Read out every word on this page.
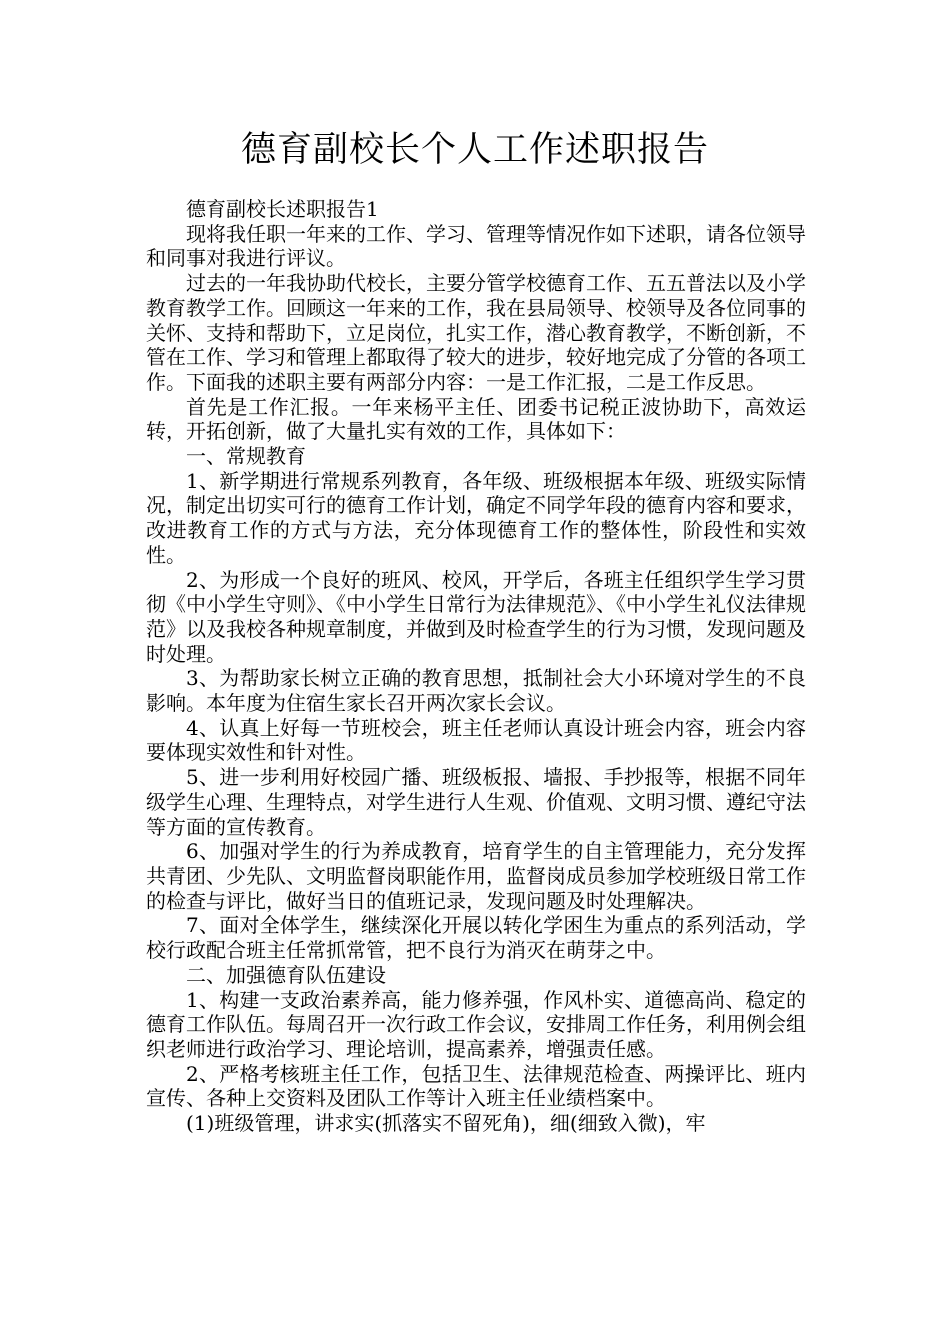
德育副校长个人工作述职报告

德育副校长述职报告1

现将我任职一年来的工作、学习、管理等情况作如下述职，请各位领导和同事对我进行评议。

过去的一年我协助代校长，主要分管学校德育工作、五五普法以及小学教育教学工作。回顾这一年来的工作，我在县局领导、校领导及各位同事的关怀、支持和帮助下，立足岗位，扎实工作，潜心教育教学，不断创新，不管在工作、学习和管理上都取得了较大的进步，较好地完成了分管的各项工作。下面我的述职主要有两部分内容：一是工作汇报，二是工作反思。

首先是工作汇报。一年来杨平主任、团委书记税正波协助下，高效运转，开拓创新，做了大量扎实有效的工作，具体如下：

一、常规教育

1、新学期进行常规系列教育，各年级、班级根据本年级、班级实际情况，制定出切实可行的德育工作计划，确定不同学年段的德育内容和要求，改进教育工作的方式与方法，充分体现德育工作的整体性，阶段性和实效性。

2、为形成一个良好的班风、校风，开学后，各班主任组织学生学习贯彻《中小学生守则》、《中小学生日常行为法律规范》、《中小学生礼仪法律规范》以及我校各种规章制度，并做到及时检查学生的行为习惯，发现问题及时处理。

3、为帮助家长树立正确的教育思想，抵制社会大小环境对学生的不良影响。本年度为住宿生家长召开两次家长会议。

4、认真上好每一节班校会，班主任老师认真设计班会内容，班会内容要体现实效性和针对性。

5、进一步利用好校园广播、班级板报、墙报、手抄报等，根据不同年级学生心理、生理特点，对学生进行人生观、价值观、文明习惯、遵纪守法等方面的宣传教育。

6、加强对学生的行为养成教育，培育学生的自主管理能力，充分发挥共青团、少先队、文明监督岗职能作用，监督岗成员参加学校班级日常工作的检查与评比，做好当日的值班记录，发现问题及时处理解决。

7、面对全体学生，继续深化开展以转化学困生为重点的系列活动，学校行政配合班主任常抓常管，把不良行为消灭在萌芽之中。

二、加强德育队伍建设

1、构建一支政治素养高，能力修养强，作风朴实、道德高尚、稳定的德育工作队伍。每周召开一次行政工作会议，安排周工作任务，利用例会组织老师进行政治学习、理论培训，提高素养，增强责任感。

2、严格考核班主任工作，包括卫生、法律规范检查、两操评比、班内宣传、各种上交资料及团队工作等计入班主任业绩档案中。

(1)班级管理，讲求实(抓落实不留死角)，细(细致入微)，牢
